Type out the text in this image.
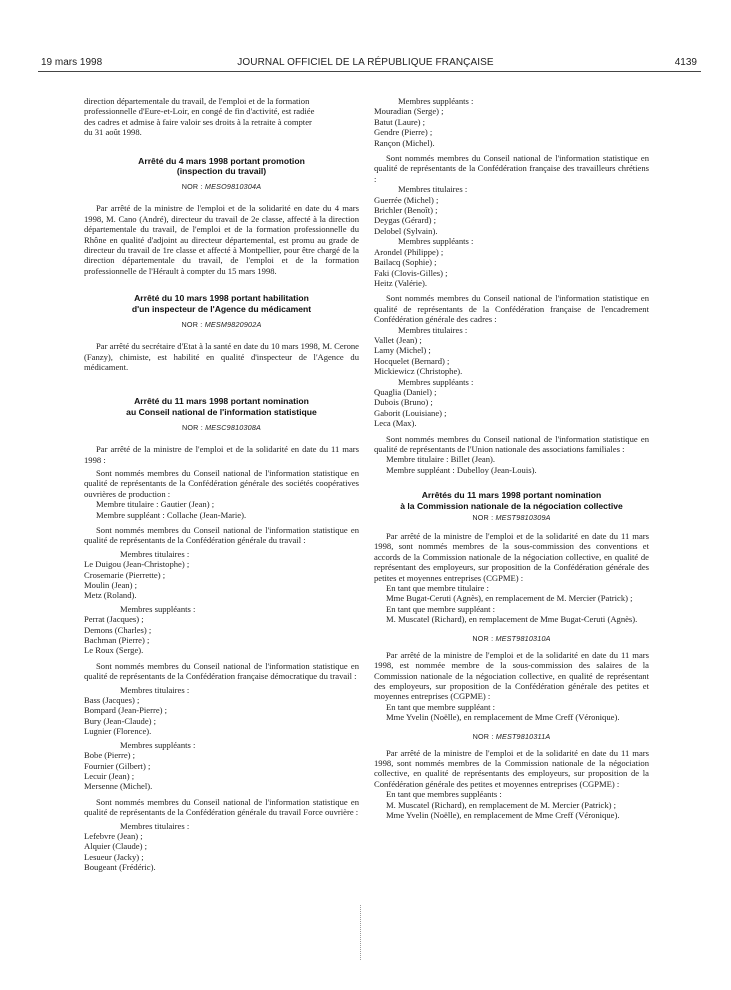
19 mars 1998	JOURNAL OFFICIEL DE LA RÉPUBLIQUE FRANÇAISE	4139

direction départementale du travail, de l'emploi et de la formation

professionnelle d'Eure-et-Loir, en congé de fin d'activité, est radiée

des cadres et admise à faire valoir ses droits à la retraite à compter

du 31 août 1998.

Arrêté du 4 mars 1998 portant promotion
(inspection du travail)

NOR : MESO9810304A

Par arrêté de la ministre de l'emploi et de la solidarité en date du 4 mars 1998, M. Cano (André), directeur du travail de 2e classe, affecté à la direction départementale du travail, de l'emploi et de la formation professionnelle du Rhône en qualité d'adjoint au directeur départemental, est promu au grade de directeur du travail de 1re classe et affecté à Montpellier, pour être chargé de la direction départementale du travail, de l'emploi et de la formation professionnelle de l'Hérault à compter du 15 mars 1998.

Arrêté du 10 mars 1998 portant habilitation
d'un inspecteur de l'Agence du médicament

NOR : MESM9820902A

Par arrêté du secrétaire d'Etat à la santé en date du 10 mars 1998, M. Cerone (Fanzy), chimiste, est habilité en qualité d'inspecteur de l'Agence du médicament.

Arrêté du 11 mars 1998 portant nomination
au Conseil national de l'information statistique

NOR : MESC9810308A

Par arrêté de la ministre de l'emploi et de la solidarité en date du 11 mars 1998 :

Sont nommés membres du Conseil national de l'information statistique en qualité de représentants de la Confédération générale des sociétés coopératives ouvrières de production :

Membre titulaire : Gautier (Jean) ;

Membre suppléant : Collache (Jean-Marie).

Sont nommés membres du Conseil national de l'information statistique en qualité de représentants de la Confédération générale du travail :

Membres titulaires :

Le Duigou (Jean-Christophe) ;

Crosemarie (Pierrette) ;

Moulin (Jean) ;

Metz (Roland).

Membres suppléants :

Perrat (Jacques) ;

Demons (Charles) ;

Bachman (Pierre) ;

Le Roux (Serge).

Sont nommés membres du Conseil national de l'information statistique en qualité de représentants de la Confédération française démocratique du travail :

Membres titulaires :

Bass (Jacques) ;

Bompard (Jean-Pierre) ;

Bury (Jean-Claude) ;

Lugnier (Florence).

Membres suppléants :

Bobe (Pierre) ;

Fournier (Gilbert) ;

Lecuir (Jean) ;

Mersenne (Michel).

Sont nommés membres du Conseil national de l'information statistique en qualité de représentants de la Confédération générale du travail Force ouvrière :

Membres titulaires :

Lefebvre (Jean) ;

Alquier (Claude) ;

Lesueur (Jacky) ;

Bougeant (Frédéric).

Membres suppléants :

Mouradian (Serge) ;

Batut (Laure) ;

Gendre (Pierre) ;

Rançon (Michel).

Sont nommés membres du Conseil national de l'information statistique en qualité de représentants de la Confédération française des travailleurs chrétiens :

Membres titulaires :

Guerrée (Michel) ;

Brichler (Benoît) ;

Deygas (Gérard) ;

Delobel (Sylvain).

Membres suppléants :

Arondel (Philippe) ;

Bailacq (Sophie) ;

Faki (Clovis-Gilles) ;

Heitz (Valérie).

Sont nommés membres du Conseil national de l'information statistique en qualité de représentants de la Confédération française de l'encadrement Confédération générale des cadres :

Membres titulaires :

Vallet (Jean) ;

Lamy (Michel) ;

Hocquelet (Bernard) ;

Mickiewicz (Christophe).

Membres suppléants :

Quaglia (Daniel) ;

Dubois (Bruno) ;

Gaborit (Louisiane) ;

Leca (Max).

Sont nommés membres du Conseil national de l'information statistique en qualité de représentants de l'Union nationale des associations familiales :

Membre titulaire : Billet (Jean).

Membre suppléant : Dubelloy (Jean-Louis).

Arrêtés du 11 mars 1998 portant nomination
à la Commission nationale de la négociation collective

NOR : MEST9810309A

Par arrêté de la ministre de l'emploi et de la solidarité en date du 11 mars 1998, sont nommés membres de la sous-commission des conventions et accords de la Commission nationale de la négociation collective, en qualité de représentant des employeurs, sur proposition de la Confédération générale des petites et moyennes entreprises (CGPME) :

En tant que membre titulaire :

Mme Bugat-Ceruti (Agnès), en remplacement de M. Mercier (Patrick) ;

En tant que membre suppléant :

M. Muscatel (Richard), en remplacement de Mme Bugat-Ceruti (Agnès).

NOR : MEST9810310A

Par arrêté de la ministre de l'emploi et de la solidarité en date du 11 mars 1998, est nommée membre de la sous-commission des salaires de la Commission nationale de la négociation collective, en qualité de représentant des employeurs, sur proposition de la Confédération générale des petites et moyennes entreprises (CGPME) :

En tant que membre suppléant :

Mme Yvelin (Noëlle), en remplacement de Mme Creff (Véronique).

NOR : MEST9810311A

Par arrêté de la ministre de l'emploi et de la solidarité en date du 11 mars 1998, sont nommés membres de la Commission nationale de la négociation collective, en qualité de représentants des employeurs, sur proposition de la Confédération générale des petites et moyennes entreprises (CGPME) :

En tant que membres suppléants :

M. Muscatel (Richard), en remplacement de M. Mercier (Patrick) ;

Mme Yvelin (Noëlle), en remplacement de Mme Creff (Véronique).
